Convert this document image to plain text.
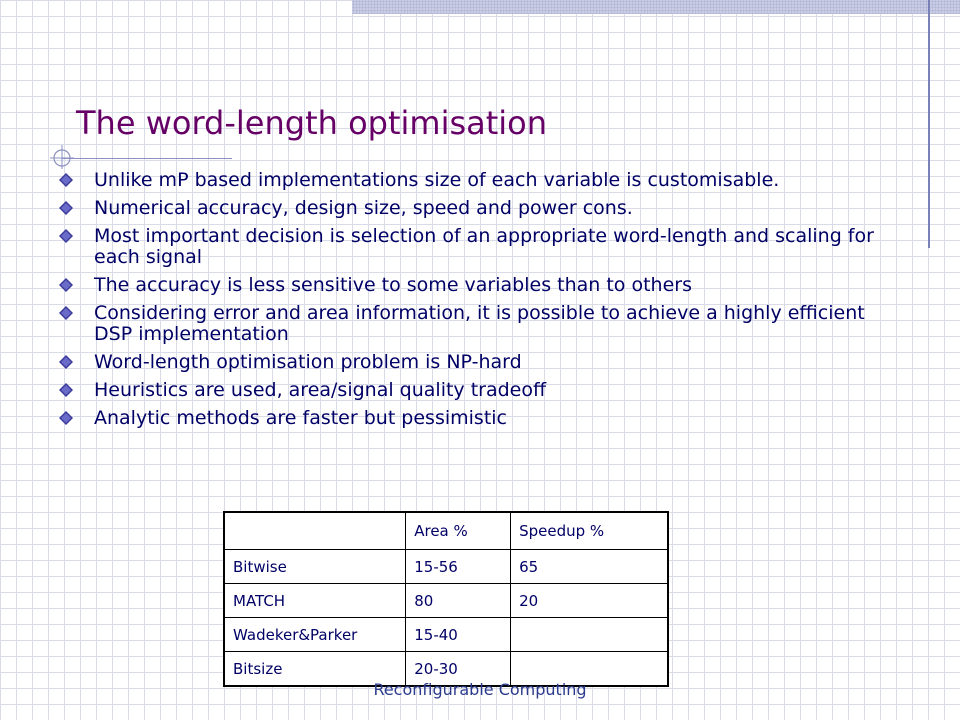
The word-length optimisation
Unlike mP based implementations size of each variable is customisable.
Numerical accuracy, design size, speed and power cons.
Most important decision is selection of an appropriate word-length and scaling for each signal
The accuracy is less sensitive to some variables than to others
Considering error and area information, it is possible to achieve a highly efficient DSP implementation
Word-length optimisation problem is NP-hard
Heuristics are used, area/signal quality tradeoff
Analytic methods are faster but pessimistic
	Area %	Speedup %
Bitwise	15-56	65
MATCH	80	20
Wadeker&Parker	15-40	
Bitsize	20-30	
Reconfigurable Computing
